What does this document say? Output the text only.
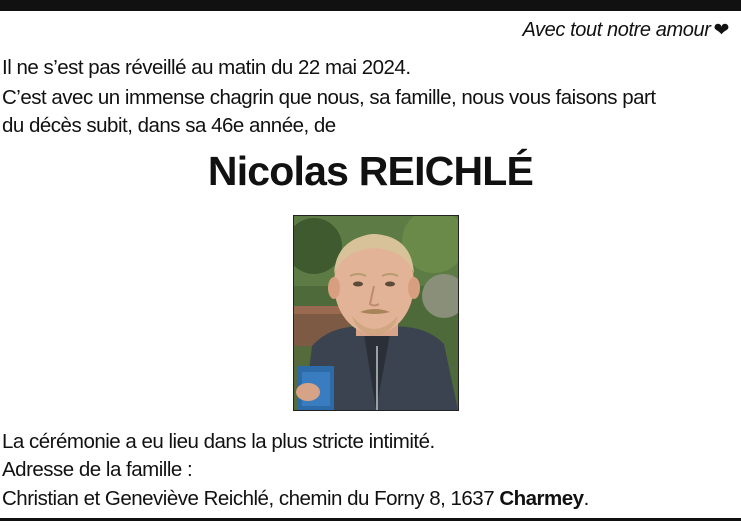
Avec tout notre amour ❤
Il ne s’est pas réveillé au matin du 22 mai 2024.
C’est avec un immense chagrin que nous, sa famille, nous vous faisons part
du décès subit, dans sa 46e année, de
Nicolas REICHLÉ
La cérémonie a eu lieu dans la plus stricte intimité.
Adresse de la famille :
Christian et Geneviève Reichlé, chemin du Forny 8, 1637 Charmey.
